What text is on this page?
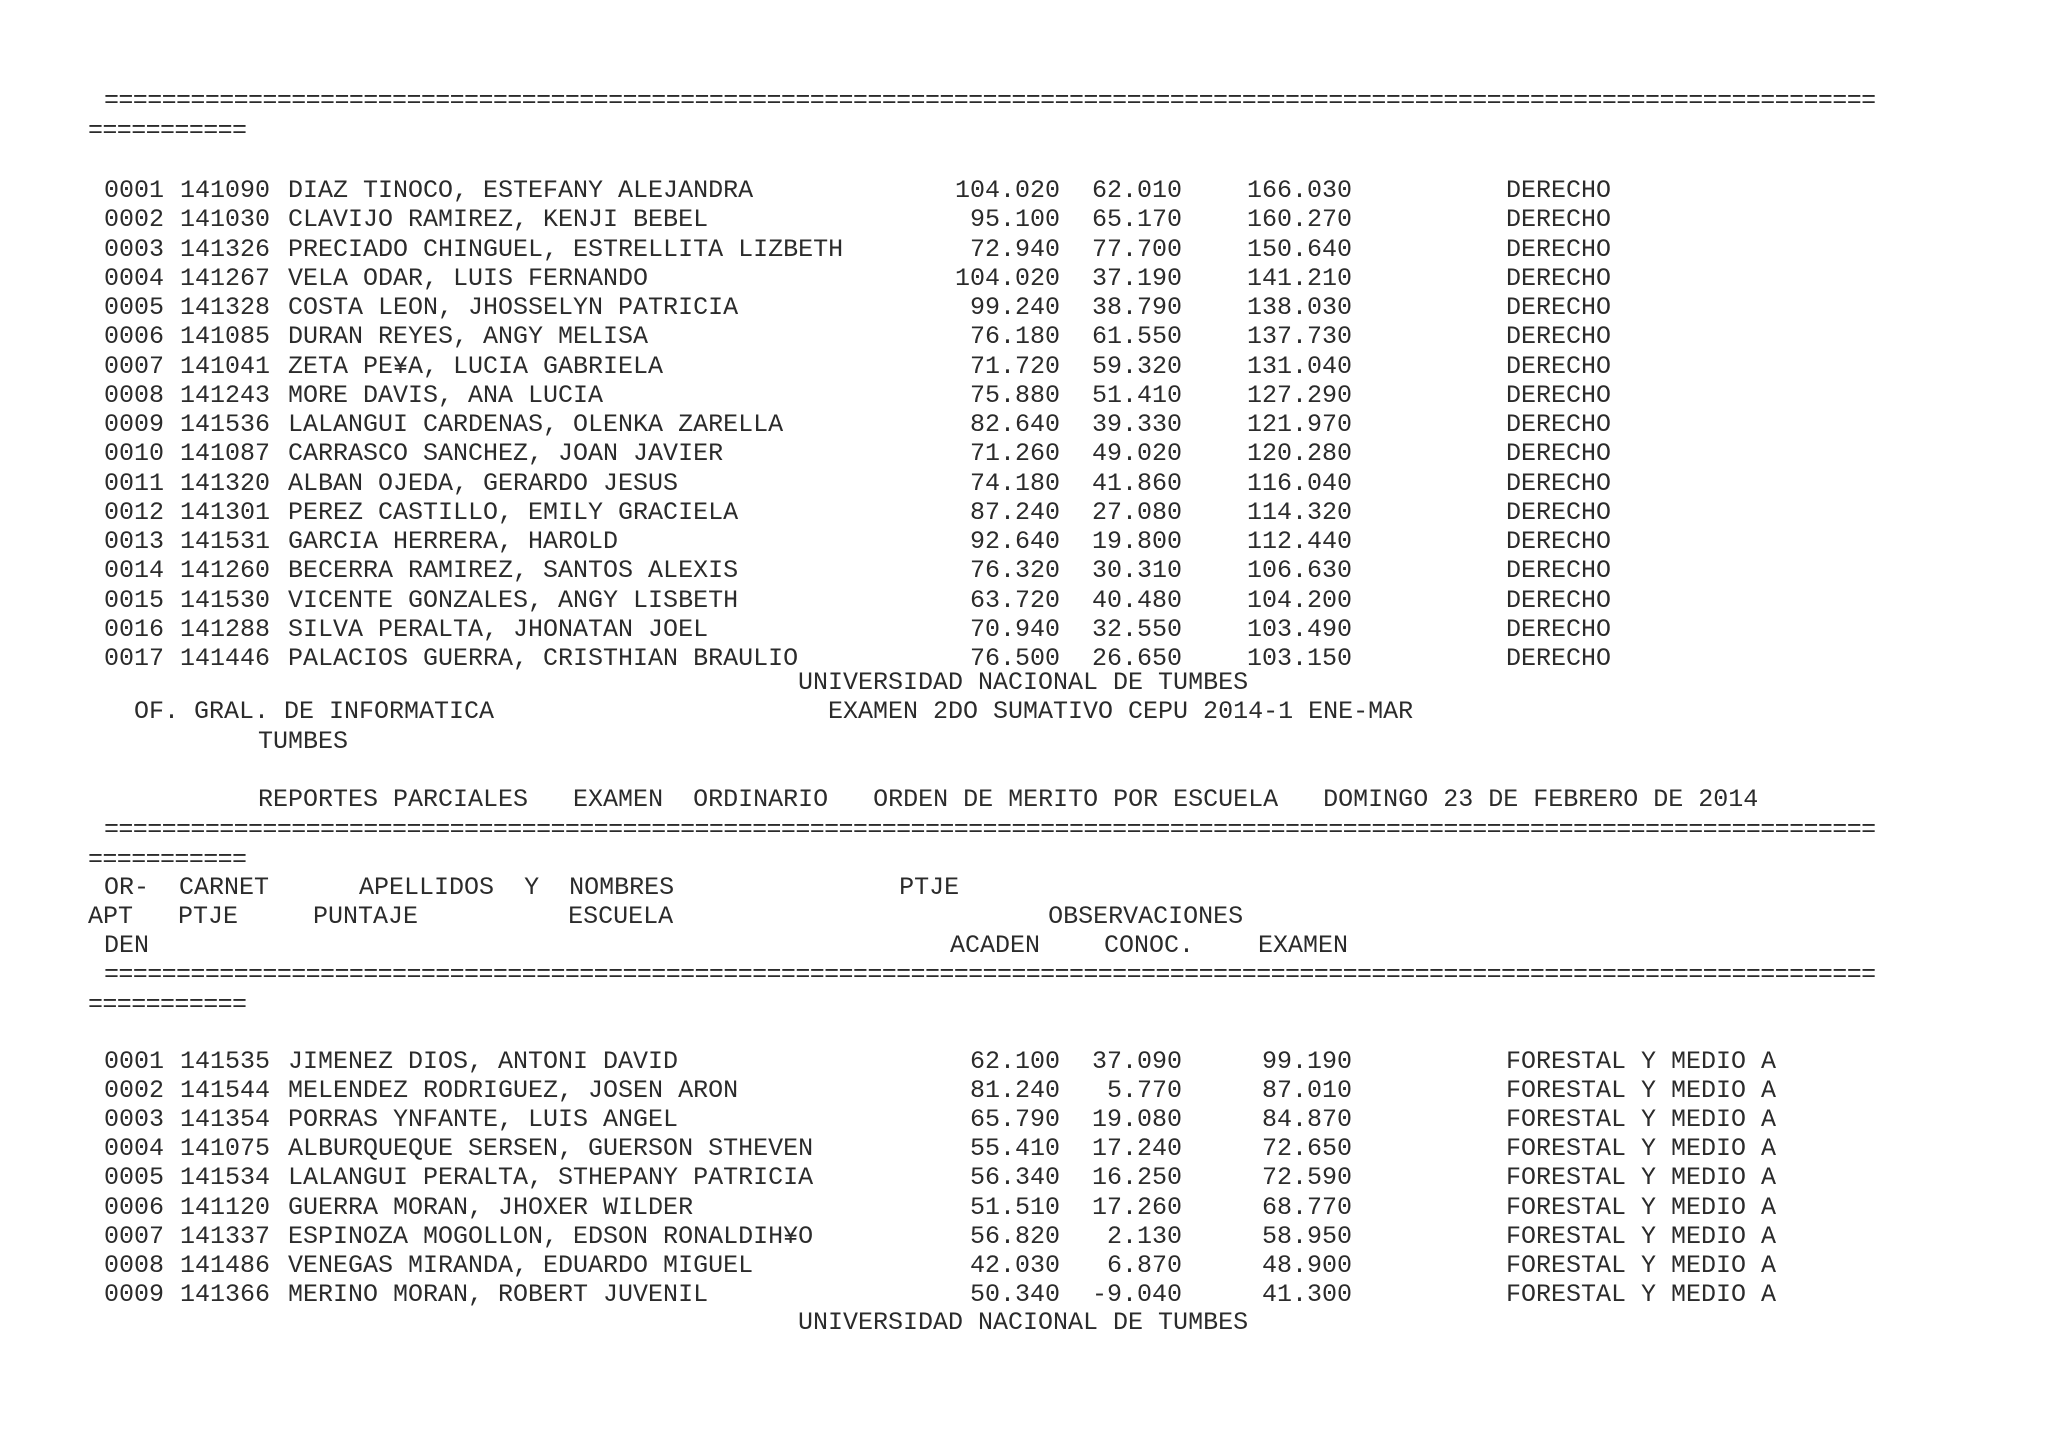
===========================================================================================================================
===========
0001 141090 DIAZ TINOCO, ESTEFANY ALEJANDRA	104.020	62.010	166.030	DERECHO
0002 141030 CLAVIJO RAMIREZ, KENJI BEBEL	95.100	65.170	160.270	DERECHO
0003 141326 PRECIADO CHINGUEL, ESTRELLITA LIZBETH	72.940	77.700	150.640	DERECHO
0004 141267 VELA ODAR, LUIS FERNANDO	104.020	37.190	141.210	DERECHO
0005 141328 COSTA LEON, JHOSSELYN PATRICIA	99.240	38.790	138.030	DERECHO
0006 141085 DURAN REYES, ANGY MELISA	76.180	61.550	137.730	DERECHO
0007 141041 ZETA PE¥A, LUCIA GABRIELA	71.720	59.320	131.040	DERECHO
0008 141243 MORE DAVIS, ANA LUCIA	75.880	51.410	127.290	DERECHO
0009 141536 LALANGUI CARDENAS, OLENKA ZARELLA	82.640	39.330	121.970	DERECHO
0010 141087 CARRASCO SANCHEZ, JOAN JAVIER	71.260	49.020	120.280	DERECHO
0011 141320 ALBAN OJEDA, GERARDO JESUS	74.180	41.860	116.040	DERECHO
0012 141301 PEREZ CASTILLO, EMILY GRACIELA	87.240	27.080	114.320	DERECHO
0013 141531 GARCIA HERRERA, HAROLD	92.640	19.800	112.440	DERECHO
0014 141260 BECERRA RAMIREZ, SANTOS ALEXIS	76.320	30.310	106.630	DERECHO
0015 141530 VICENTE GONZALES, ANGY LISBETH	63.720	40.480	104.200	DERECHO
0016 141288 SILVA PERALTA, JHONATAN JOEL	70.940	32.550	103.490	DERECHO
0017 141446 PALACIOS GUERRA, CRISTHIAN BRAULIO	76.500	26.650	103.150	DERECHO
UNIVERSIDAD NACIONAL DE TUMBES
OF. GRAL. DE INFORMATICA	EXAMEN 2DO SUMATIVO CEPU 2014-1 ENE-MAR
TUMBES
REPORTES PARCIALES   EXAMEN  ORDINARIO   ORDEN DE MERITO POR ESCUELA   DOMINGO 23 DE FEBRERO DE 2014
===========================================================================================================================
===========
OR-  CARNET      APELLIDOS  Y  NOMBRES               PTJE
APT   PTJE     PUNTAJE          ESCUELA                         OBSERVACIONES
DEN	ACADEN	CONOC.	EXAMEN
===========================================================================================================================
===========
0001 141535 JIMENEZ DIOS, ANTONI DAVID	62.100	37.090	99.190	FORESTAL Y MEDIO A
0002 141544 MELENDEZ RODRIGUEZ, JOSEN ARON	81.240	5.770	87.010	FORESTAL Y MEDIO A
0003 141354 PORRAS YNFANTE, LUIS ANGEL	65.790	19.080	84.870	FORESTAL Y MEDIO A
0004 141075 ALBURQUEQUE SERSEN, GUERSON STHEVEN	55.410	17.240	72.650	FORESTAL Y MEDIO A
0005 141534 LALANGUI PERALTA, STHEPANY PATRICIA	56.340	16.250	72.590	FORESTAL Y MEDIO A
0006 141120 GUERRA MORAN, JHOXER WILDER	51.510	17.260	68.770	FORESTAL Y MEDIO A
0007 141337 ESPINOZA MOGOLLON, EDSON RONALDIH¥O	56.820	2.130	58.950	FORESTAL Y MEDIO A
0008 141486 VENEGAS MIRANDA, EDUARDO MIGUEL	42.030	6.870	48.900	FORESTAL Y MEDIO A
0009 141366 MERINO MORAN, ROBERT JUVENIL	50.340	-9.040	41.300	FORESTAL Y MEDIO A
UNIVERSIDAD NACIONAL DE TUMBES
